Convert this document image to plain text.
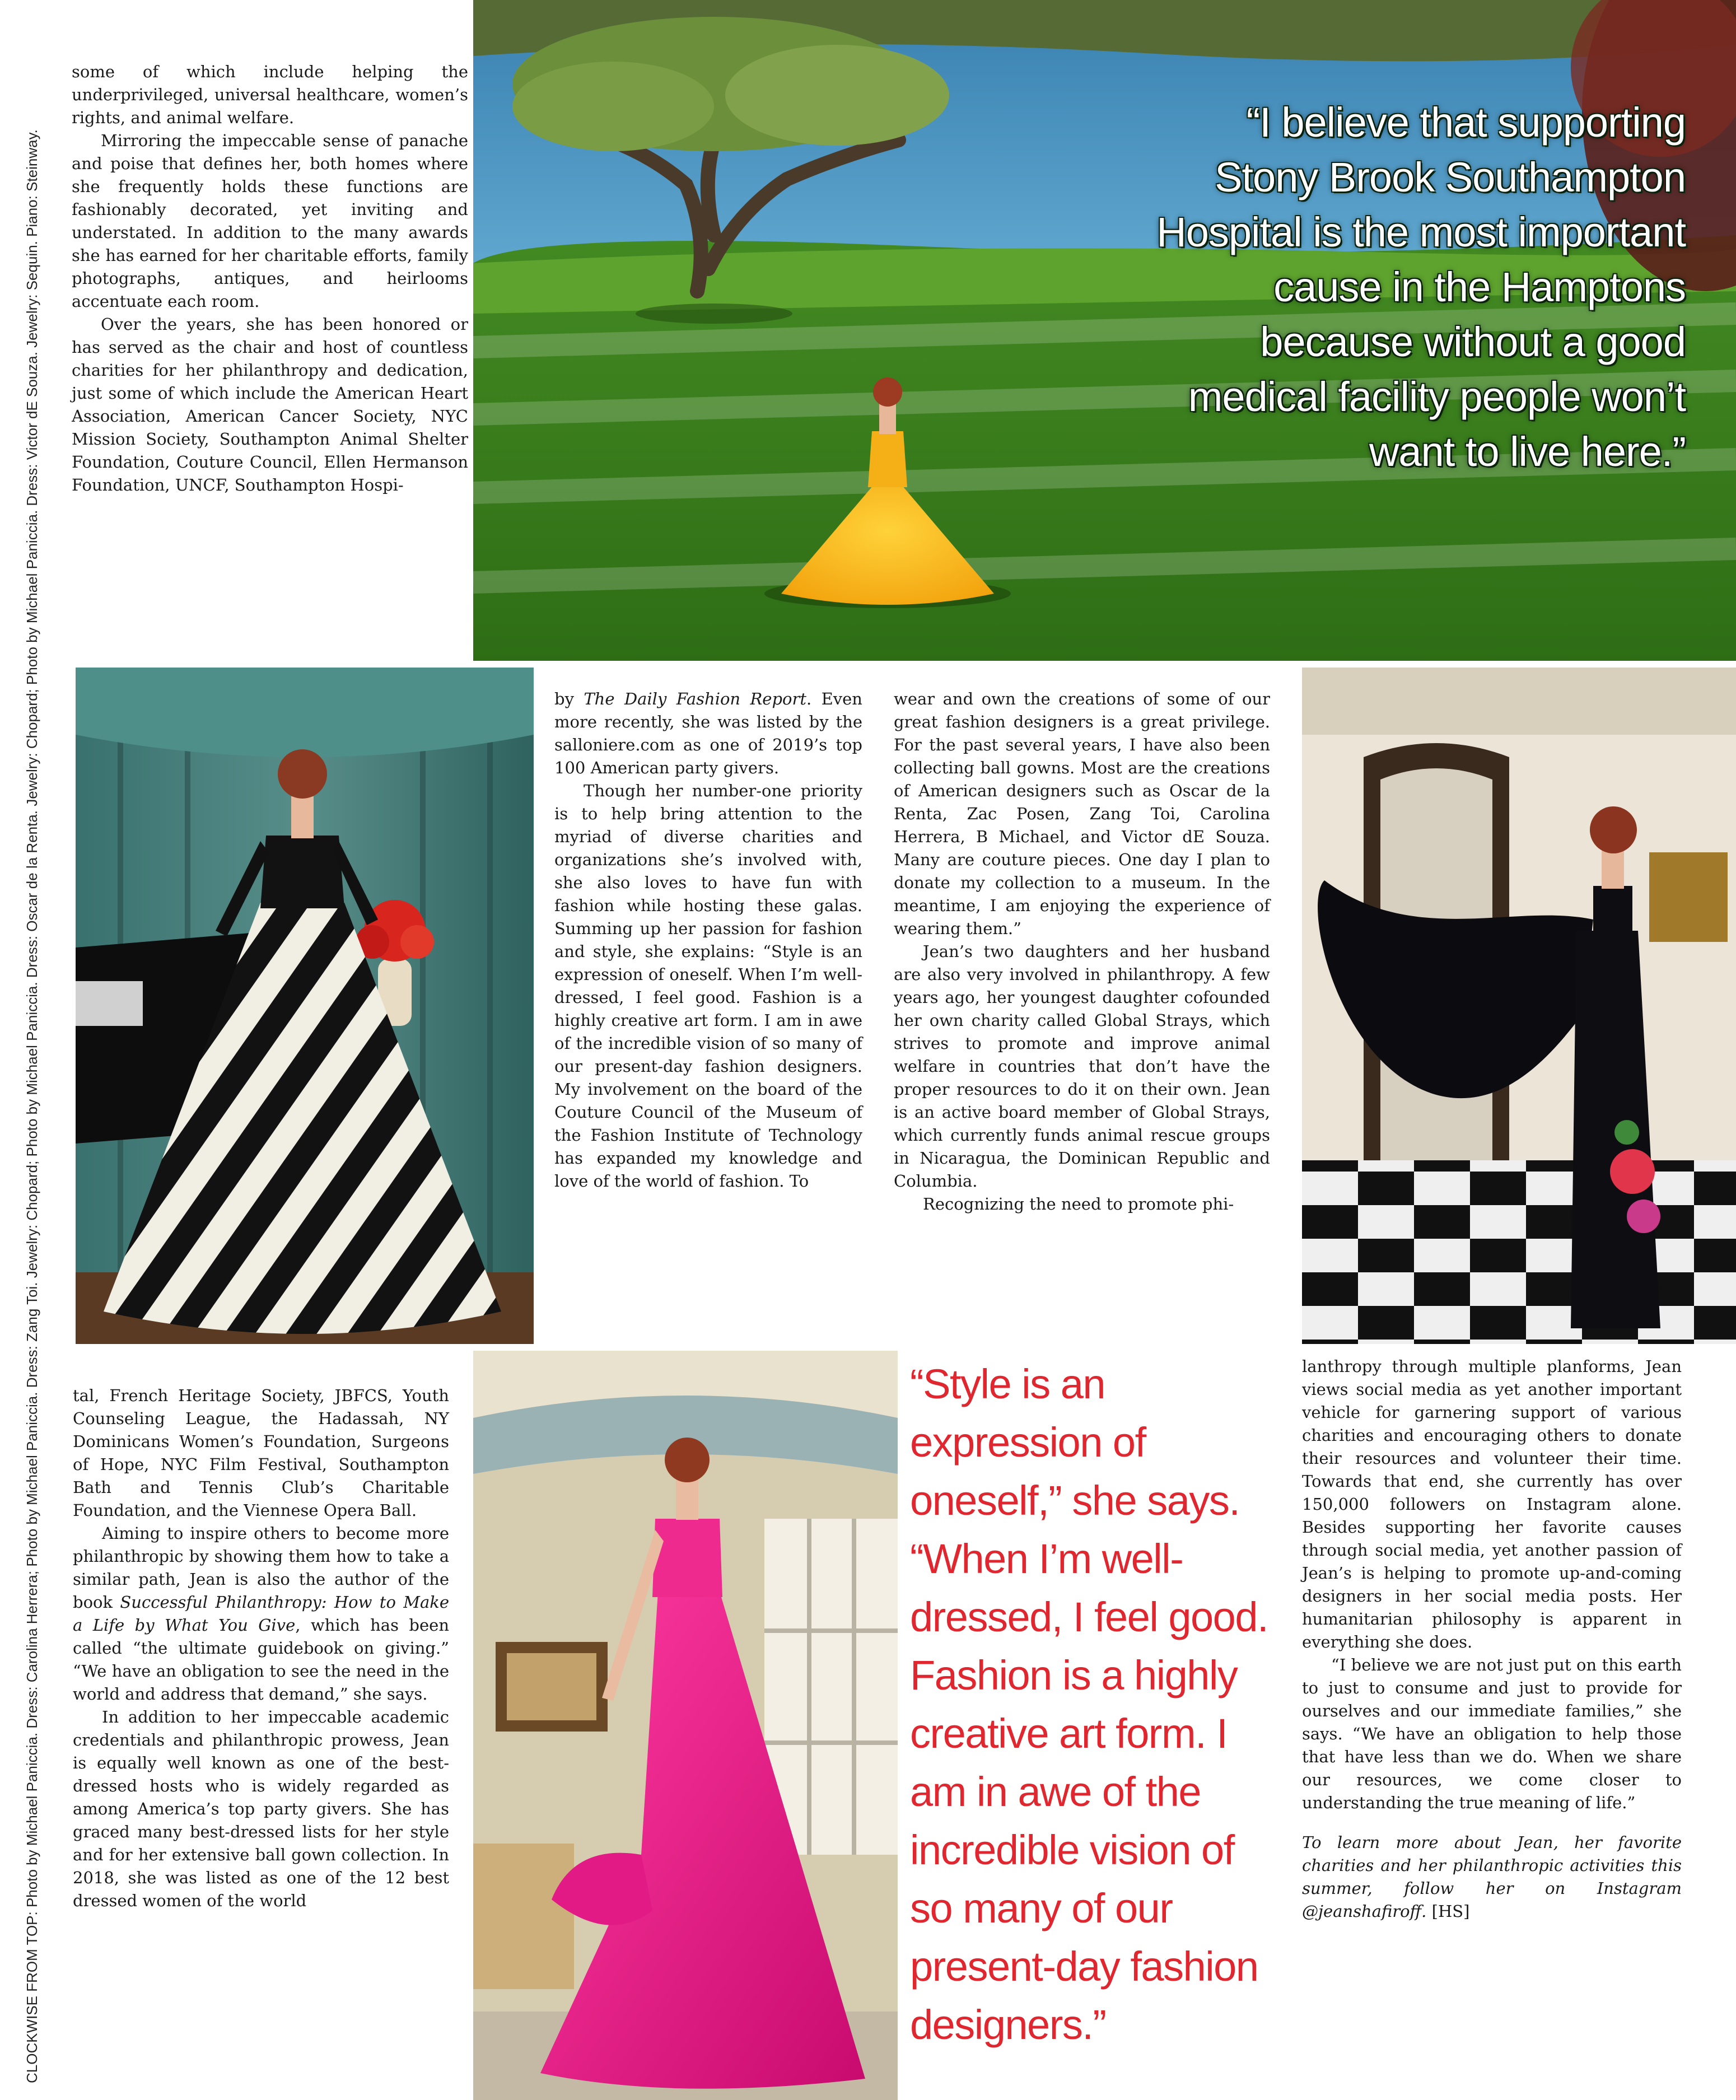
CLOCKWISE FROM TOP: Photo by Michael Paniccia. Dress: Carolina Herrera; Photo by Michael Paniccia. Dress: Zang Toi. Jewelry: Chopard; Photo by Michael Paniccia. Dress: Oscar de la Renta. Jewelry: Chopard; Photo by Michael Paniccia. Dress: Victor dE Souza. Jewelry: Sequin. Piano: Steinway.
“I believe that supporting Stony Brook Southampton Hospital is the most important cause in the Hamptons because without a good medical facility people won’t want to live here.”

some of which include helping the underprivileged, universal healthcare, women’s rights, and animal welfare.

Mirroring the impeccable sense of panache and poise that defines her, both homes where she frequently holds these functions are fashionably decorated, yet inviting and understated. In addition to the many awards she has earned for her charitable efforts, family photographs, antiques, and heirlooms accentuate each room.

Over the years, she has been honored or has served as the chair and host of countless charities for her philanthropy and dedication, just some of which include the American Heart Association, American Cancer Society, NYC Mission Society, Southampton Animal Shelter Foundation, Couture Council, Ellen Hermanson Foundation, UNCF, Southampton Hospi-

by The Daily Fashion Report. Even more recently, she was listed by the salloniere.com as one of 2019’s top 100 American party givers.

Though her number-one priority is to help bring attention to the myriad of diverse charities and organizations she’s involved with, she also loves to have fun with fashion while hosting these galas. Summing up her passion for fashion and style, she explains: “Style is an expression of oneself. When I’m well-dressed, I feel good. Fashion is a highly creative art form. I am in awe of the incredible vision of so many of our present-day fashion designers. My involvement on the board of the Couture Council of the Museum of the Fashion Institute of Technology has expanded my knowledge and love of the world of fashion. To

wear and own the creations of some of our great fashion designers is a great privilege. For the past several years, I have also been collecting ball gowns. Most are the creations of American designers such as Oscar de la Renta, Zac Posen, Zang Toi, Carolina Herrera, B Michael, and Victor dE Souza. Many are couture pieces. One day I plan to donate my collection to a museum. In the meantime, I am enjoying the experience of wearing them.”

Jean’s two daughters and her husband are also very involved in philanthropy. A few years ago, her youngest daughter cofounded her own charity called Global Strays, which strives to promote and improve animal welfare in countries that don’t have the proper resources to do it on their own. Jean is an active board member of Global Strays, which currently funds animal rescue groups in Nicaragua, the Dominican Republic and Columbia.

Recognizing the need to promote phi-

tal, French Heritage Society, JBFCS, Youth Counseling League, the Hadassah, NY Dominicans Women’s Foundation, Surgeons of Hope, NYC Film Festival, Southampton Bath and Tennis Club’s Charitable Foundation, and the Viennese Opera Ball.

Aiming to inspire others to become more philanthropic by showing them how to take a similar path, Jean is also the author of the book Successful Philanthropy: How to Make a Life by What You Give, which has been called “the ultimate guidebook on giving.” “We have an obligation to see the need in the world and address that demand,” she says.

In addition to her impeccable academic credentials and philanthropic prowess, Jean is equally well known as one of the best-dressed hosts who is widely regarded as among America’s top party givers. She has graced many best-dressed lists for her style and for her extensive ball gown collection. In 2018, she was listed as one of the 12 best dressed women of the world

“Style is an expression of oneself,” she says. “When I’m well-dressed, I feel good. Fashion is a highly creative art form. I am in awe of the incredible vision of so many of our present-day fashion designers.”

lanthropy through multiple planforms, Jean views social media as yet another important vehicle for garnering support of various charities and encouraging others to donate their resources and volunteer their time. Towards that end, she currently has over 150,000 followers on Instagram alone. Besides supporting her favorite causes through social media, yet another passion of Jean’s is helping to promote up-and-coming designers in her social media posts. Her humanitarian philosophy is apparent in everything she does.

“I believe we are not just put on this earth to just to consume and just to provide for ourselves and our immediate families,” she says. “We have an obligation to help those that have less than we do. When we share our resources, we come closer to understanding the true meaning of life.”

To learn more about Jean, her favorite charities and her philanthropic activities this summer, follow her on Instagram @jeanshafiroff. [HS]
